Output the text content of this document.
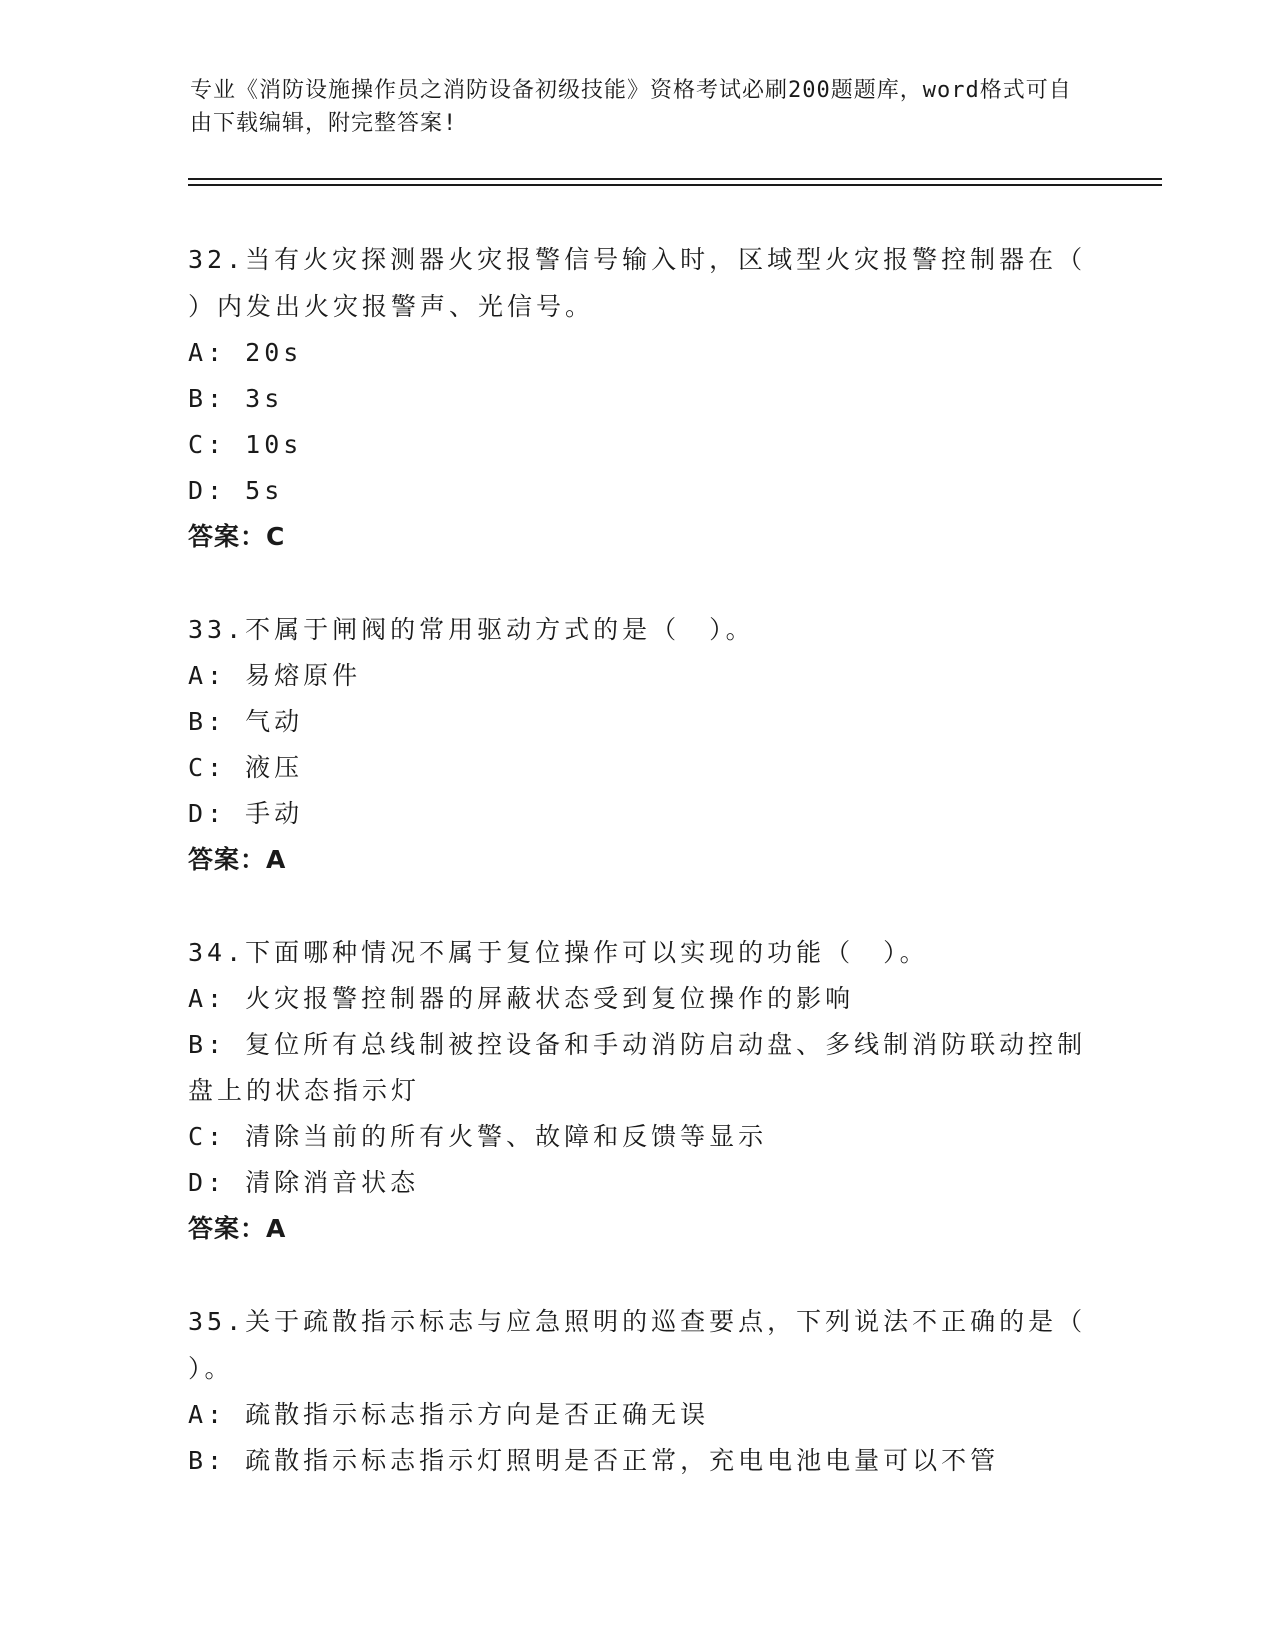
专业《消防设施操作员之消防设备初级技能》资格考试必刷200题题库，word格式可自由下载编辑，附完整答案!
32.当有火灾探测器火灾报警信号输入时，区域型火灾报警控制器在（ ）内发出火灾报警声、光信号。
A: 20s
B: 3s
C: 10s
D: 5s
答案：C
33.不属于闸阀的常用驱动方式的是（　）。
A: 易熔原件
B: 气动
C: 液压
D: 手动
答案：A
34.下面哪种情况不属于复位操作可以实现的功能（　）。
A: 火灾报警控制器的屏蔽状态受到复位操作的影响
B: 复位所有总线制被控设备和手动消防启动盘、多线制消防联动控制盘上的状态指示灯
C: 清除当前的所有火警、故障和反馈等显示
D: 清除消音状态
答案：A
35.关于疏散指示标志与应急照明的巡查要点，下列说法不正确的是（ ）。
A: 疏散指示标志指示方向是否正确无误
B: 疏散指示标志指示灯照明是否正常，充电电池电量可以不管
